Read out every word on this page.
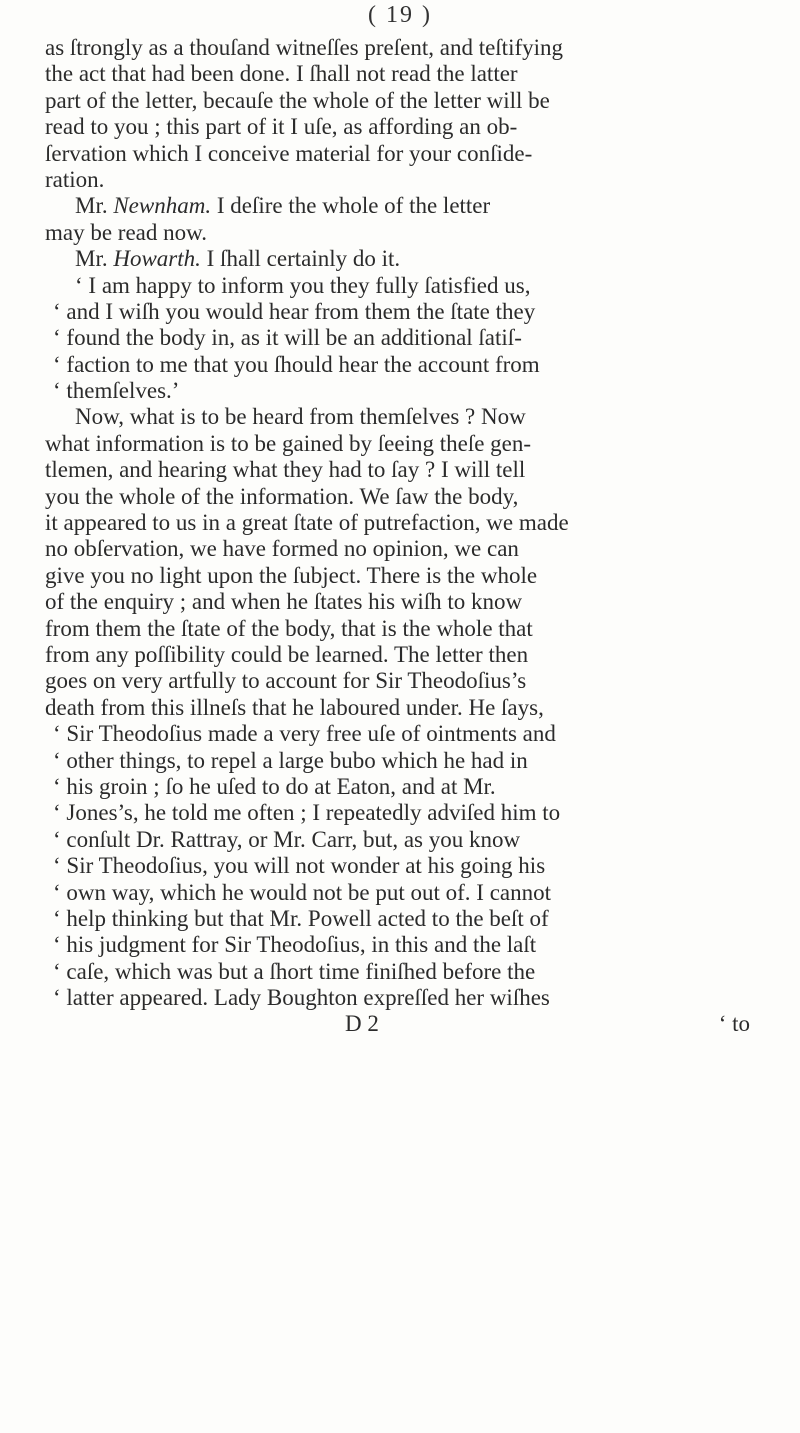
( 19 )
as ſtrongly as a thouſand witneſſes preſent, and teſtifying
the act that had been done. I ſhall not read the latter
part of the letter, becauſe the whole of the letter will be
read to you ; this part of it I uſe, as affording an ob-
ſervation which I conceive material for your conſide-
ration.
Mr. Newnham. I deſire the whole of the letter
may be read now.
Mr. Howarth. I ſhall certainly do it.
‘ I am happy to inform you they fully ſatisfied us,
‘ and I wiſh you would hear from them the ſtate they
‘ found the body in, as it will be an additional ſatiſ-
‘ faction to me that you ſhould hear the account from
‘ themſelves.’
Now, what is to be heard from themſelves ? Now
what information is to be gained by ſeeing theſe gen-
tlemen, and hearing what they had to ſay ? I will tell
you the whole of the information. We ſaw the body,
it appeared to us in a great ſtate of putrefaction, we made
no obſervation, we have formed no opinion, we can
give you no light upon the ſubject. There is the whole
of the enquiry ; and when he ſtates his wiſh to know
from them the ſtate of the body, that is the whole that
from any poſſibility could be learned. The letter then
goes on very artfully to account for Sir Theodoſius’s
death from this illneſs that he laboured under. He ſays,
‘ Sir Theodoſius made a very free uſe of ointments and
‘ other things, to repel a large bubo which he had in
‘ his groin ; ſo he uſed to do at Eaton, and at Mr.
‘ Jones’s, he told me often ; I repeatedly adviſed him to
‘ conſult Dr. Rattray, or Mr. Carr, but, as you know
‘ Sir Theodoſius, you will not wonder at his going his
‘ own way, which he would not be put out of. I cannot
‘ help thinking but that Mr. Powell acted to the beſt of
‘ his judgment for Sir Theodoſius, in this and the laſt
‘ caſe, which was but a ſhort time finiſhed before the
‘ latter appeared. Lady Boughton expreſſed her wiſhes
D 2	‘ to
